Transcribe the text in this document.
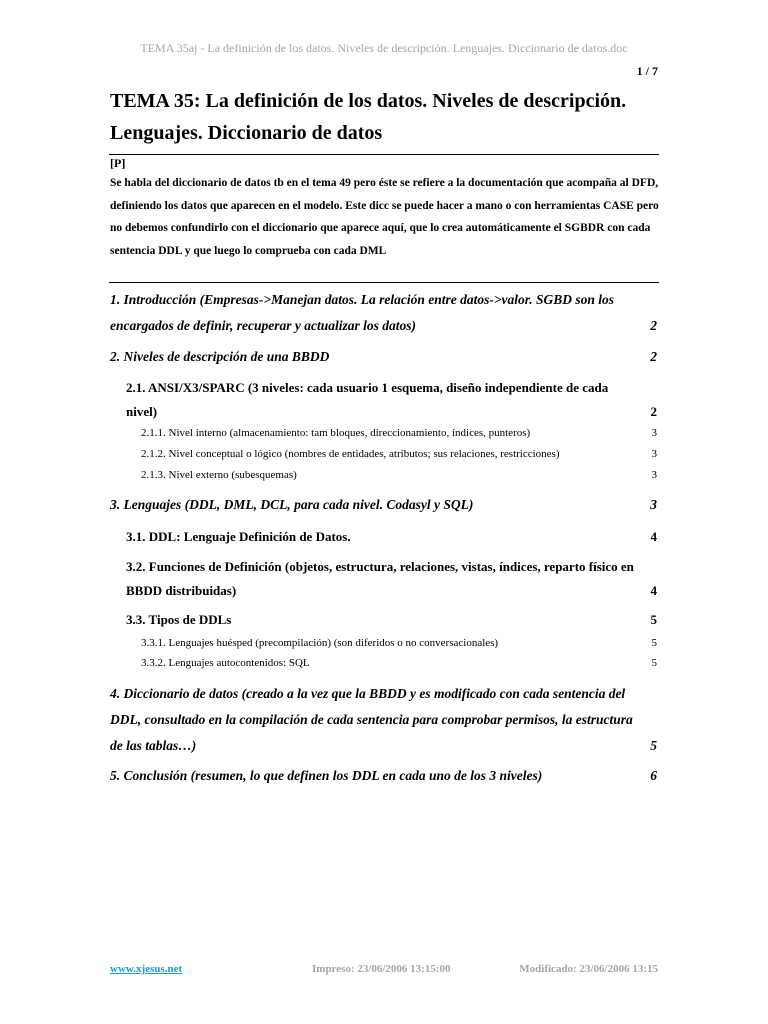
TEMA 35aj - La definición de los datos. Niveles de descripción. Lenguajes. Diccionario de datos.doc
1 / 7
TEMA 35: La definición de los datos. Niveles de descripción. Lenguajes. Diccionario de datos
[P]
Se habla del diccionario de datos tb en el tema 49 pero éste se refiere a la documentación que acompaña al DFD, definiendo los datos que aparecen en el modelo. Este dicc se puede hacer a mano o con herramientas CASE pero no debemos confundirlo con el diccionario que aparece aquí, que lo crea automáticamente el SGBDR con cada sentencia DDL y que luego lo comprueba con cada DML
1. Introducción (Empresas->Manejan datos. La relación entre datos->valor. SGBD son los encargados de definir, recuperar y actualizar los datos)	2
2. Niveles de descripción de una BBDD	2
2.1. ANSI/X3/SPARC (3 niveles: cada usuario 1 esquema, diseño independiente de cada nivel)	2
2.1.1. Nivel interno (almacenamiento: tam bloques, direccionamiento, índices, punteros)	3
2.1.2. Nivel conceptual o lógico (nombres de entidades, atributos; sus relaciones, restricciones)	3
2.1.3. Nivel externo (subesquemas)	3
3. Lenguajes (DDL, DML, DCL, para cada nivel. Codasyl y SQL)	3
3.1. DDL: Lenguaje Definición de Datos.	4
3.2. Funciones de Definición (objetos, estructura, relaciones, vistas, índices, reparto físico en BBDD distribuidas)	4
3.3. Tipos de DDLs	5
3.3.1. Lenguajes huésped (precompilación) (son diferidos o no conversacionales)	5
3.3.2. Lenguajes autocontenidos: SQL	5
4. Diccionario de datos (creado a la vez que la BBDD y es modificado con cada sentencia del DDL, consultado en la compilación de cada sentencia para comprobar permisos, la estructura de las tablas…)	5
5. Conclusión (resumen, lo que definen los DDL en cada uno de los 3 niveles)	6
www.xjesus.net	Impreso: 23/06/2006 13:15:00	Modificado: 23/06/2006 13:15
